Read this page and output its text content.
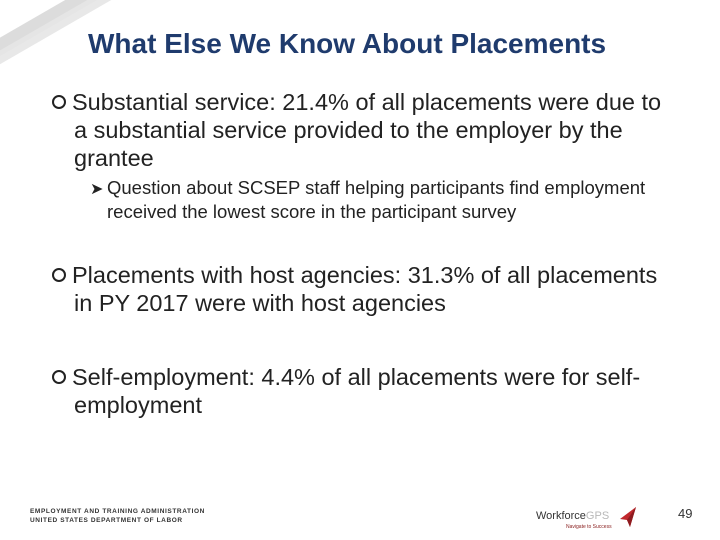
What Else We Know About Placements
Substantial service: 21.4% of all placements were due to a substantial service provided to the employer by the grantee
➤ Question about SCSEP staff helping participants find employment received the lowest score in the participant survey
Placements with host agencies: 31.3% of all placements in PY 2017 were with host agencies
Self-employment: 4.4% of all placements were for self-employment
EMPLOYMENT AND TRAINING ADMINISTRATION
UNITED STATES DEPARTMENT OF LABOR	WorkforceGPS
Navigate to Success
49
